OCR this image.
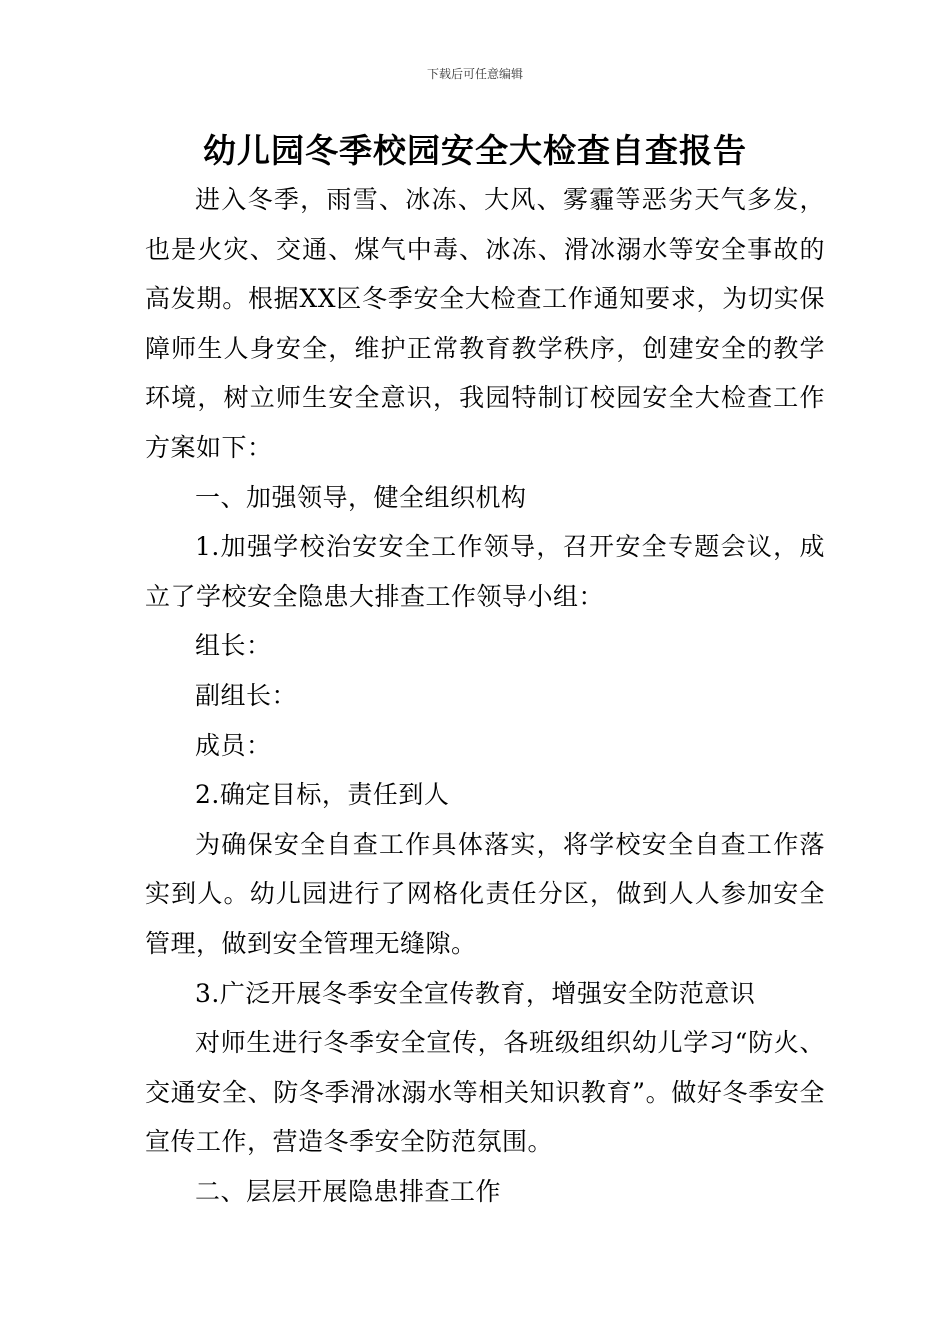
下载后可任意编辑
幼儿园冬季校园安全大检查自查报告

进入冬季，雨雪、冰冻、大风、雾霾等恶劣天气多发，也是火灾、交通、煤气中毒、冰冻、滑冰溺水等安全事故的高发期。根据XX区冬季安全大检查工作通知要求，为切实保障师生人身安全，维护正常教育教学秩序，创建安全的教学环境，树立师生安全意识，我园特制订校园安全大检查工作方案如下：

一、加强领导，健全组织机构

1.加强学校治安安全工作领导，召开安全专题会议，成立了学校安全隐患大排查工作领导小组：

组长：

副组长：

成员：

2.确定目标，责任到人

为确保安全自查工作具体落实，将学校安全自查工作落实到人。幼儿园进行了网格化责任分区，做到人人参加安全管理，做到安全管理无缝隙。

3.广泛开展冬季安全宣传教育，增强安全防范意识

对师生进行冬季安全宣传，各班级组织幼儿学习“防火、交通安全、防冬季滑冰溺水等相关知识教育”。做好冬季安全宣传工作，营造冬季安全防范氛围。

二、层层开展隐患排查工作
